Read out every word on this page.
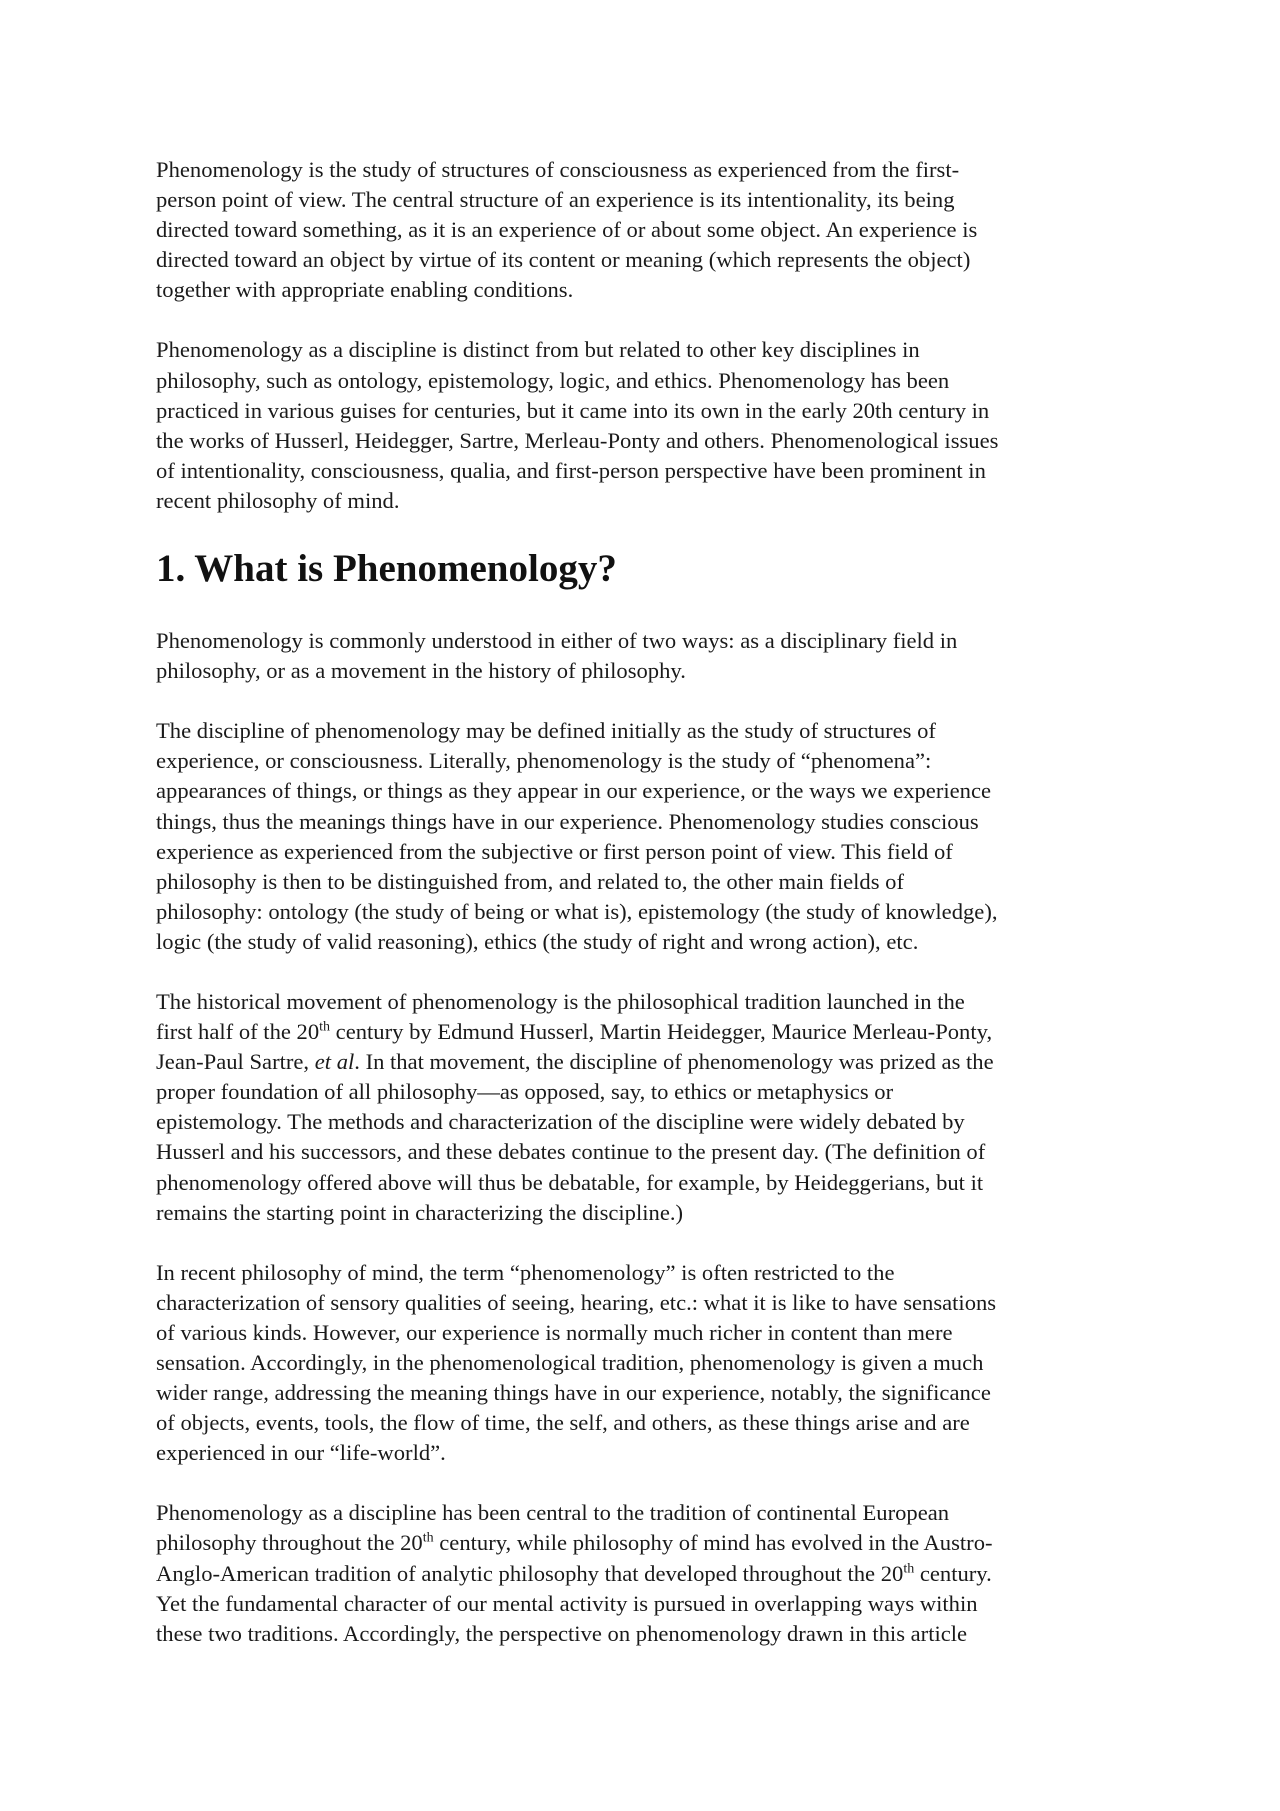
Phenomenology is the study of structures of consciousness as experienced from the first-
person point of view. The central structure of an experience is its intentionality, its being
directed toward something, as it is an experience of or about some object. An experience is
directed toward an object by virtue of its content or meaning (which represents the object)
together with appropriate enabling conditions.

Phenomenology as a discipline is distinct from but related to other key disciplines in
philosophy, such as ontology, epistemology, logic, and ethics. Phenomenology has been
practiced in various guises for centuries, but it came into its own in the early 20th century in
the works of Husserl, Heidegger, Sartre, Merleau-Ponty and others. Phenomenological issues
of intentionality, consciousness, qualia, and first-person perspective have been prominent in
recent philosophy of mind.

1. What is Phenomenology?

Phenomenology is commonly understood in either of two ways: as a disciplinary field in
philosophy, or as a movement in the history of philosophy.

The discipline of phenomenology may be defined initially as the study of structures of
experience, or consciousness. Literally, phenomenology is the study of “phenomena”:
appearances of things, or things as they appear in our experience, or the ways we experience
things, thus the meanings things have in our experience. Phenomenology studies conscious
experience as experienced from the subjective or first person point of view. This field of
philosophy is then to be distinguished from, and related to, the other main fields of
philosophy: ontology (the study of being or what is), epistemology (the study of knowledge),
logic (the study of valid reasoning), ethics (the study of right and wrong action), etc.

The historical movement of phenomenology is the philosophical tradition launched in the
first half of the 20th century by Edmund Husserl, Martin Heidegger, Maurice Merleau-Ponty,
Jean-Paul Sartre, et al. In that movement, the discipline of phenomenology was prized as the
proper foundation of all philosophy—as opposed, say, to ethics or metaphysics or
epistemology. The methods and characterization of the discipline were widely debated by
Husserl and his successors, and these debates continue to the present day. (The definition of
phenomenology offered above will thus be debatable, for example, by Heideggerians, but it
remains the starting point in characterizing the discipline.)

In recent philosophy of mind, the term “phenomenology” is often restricted to the
characterization of sensory qualities of seeing, hearing, etc.: what it is like to have sensations
of various kinds. However, our experience is normally much richer in content than mere
sensation. Accordingly, in the phenomenological tradition, phenomenology is given a much
wider range, addressing the meaning things have in our experience, notably, the significance
of objects, events, tools, the flow of time, the self, and others, as these things arise and are
experienced in our “life-world”.

Phenomenology as a discipline has been central to the tradition of continental European
philosophy throughout the 20th century, while philosophy of mind has evolved in the Austro-
Anglo-American tradition of analytic philosophy that developed throughout the 20th century.
Yet the fundamental character of our mental activity is pursued in overlapping ways within
these two traditions. Accordingly, the perspective on phenomenology drawn in this article
